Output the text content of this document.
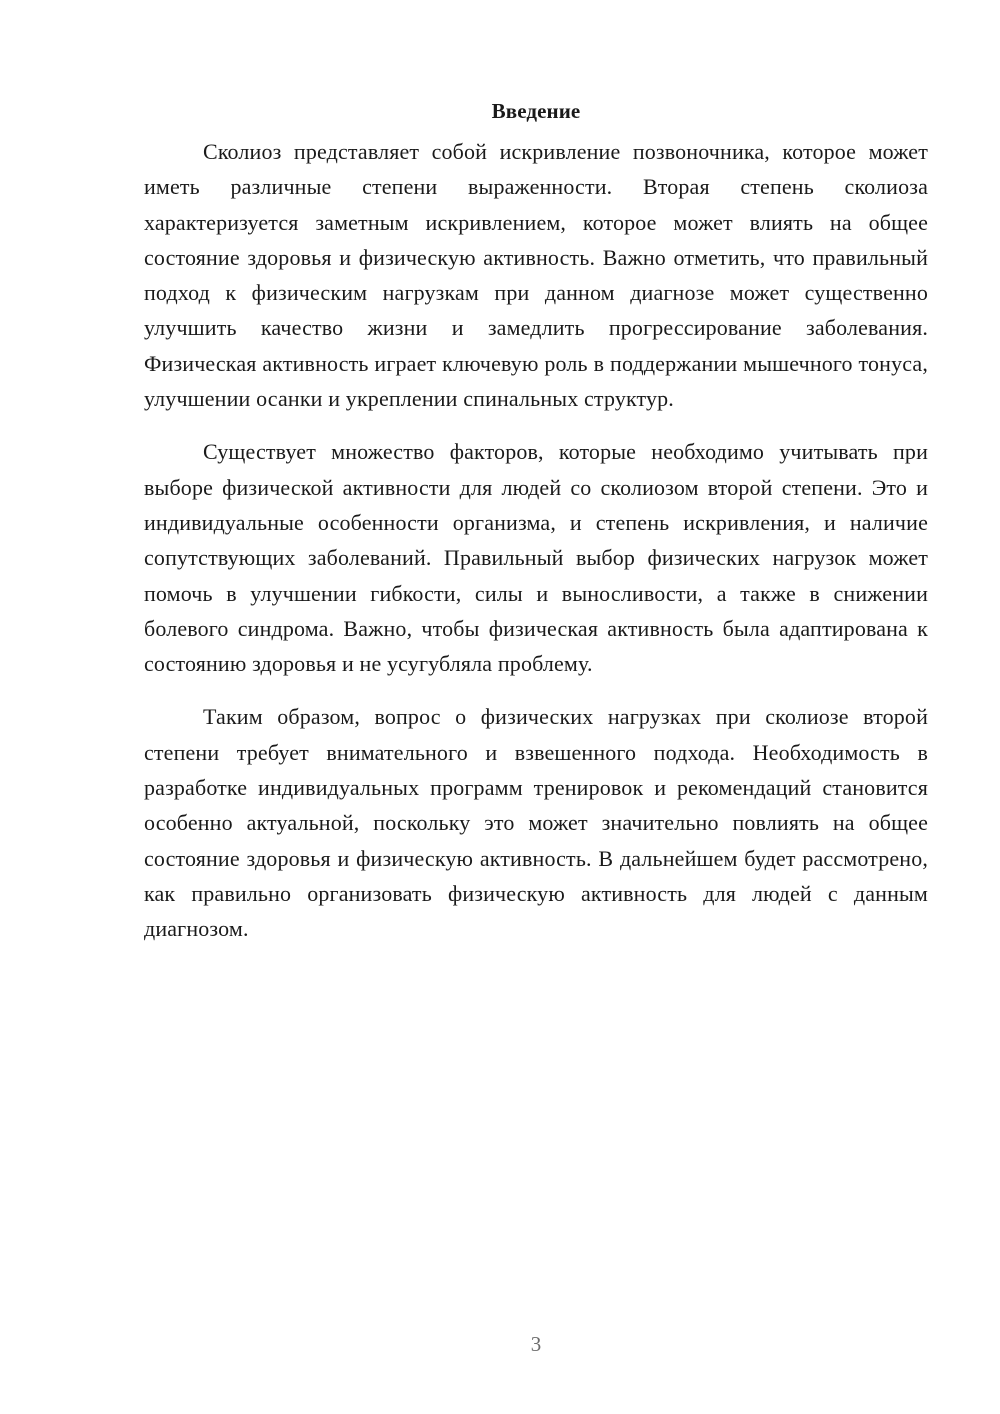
Введение

Сколиоз представляет собой искривление позвоночника, которое может иметь различные степени выраженности. Вторая степень сколиоза характеризуется заметным искривлением, которое может влиять на общее состояние здоровья и физическую активность. Важно отметить, что правильный подход к физическим нагрузкам при данном диагнозе может существенно улучшить качество жизни и замедлить прогрессирование заболевания. Физическая активность играет ключевую роль в поддержании мышечного тонуса, улучшении осанки и укреплении спинальных структур.

Существует множество факторов, которые необходимо учитывать при выборе физической активности для людей со сколиозом второй степени. Это и индивидуальные особенности организма, и степень искривления, и наличие сопутствующих заболеваний. Правильный выбор физических нагрузок может помочь в улучшении гибкости, силы и выносливости, а также в снижении болевого синдрома. Важно, чтобы физическая активность была адаптирована к состоянию здоровья и не усугубляла проблему.

Таким образом, вопрос о физических нагрузках при сколиозе второй степени требует внимательного и взвешенного подхода. Необходимость в разработке индивидуальных программ тренировок и рекомендаций становится особенно актуальной, поскольку это может значительно повлиять на общее состояние здоровья и физическую активность. В дальнейшем будет рассмотрено, как правильно организовать физическую активность для людей с данным диагнозом.

3
